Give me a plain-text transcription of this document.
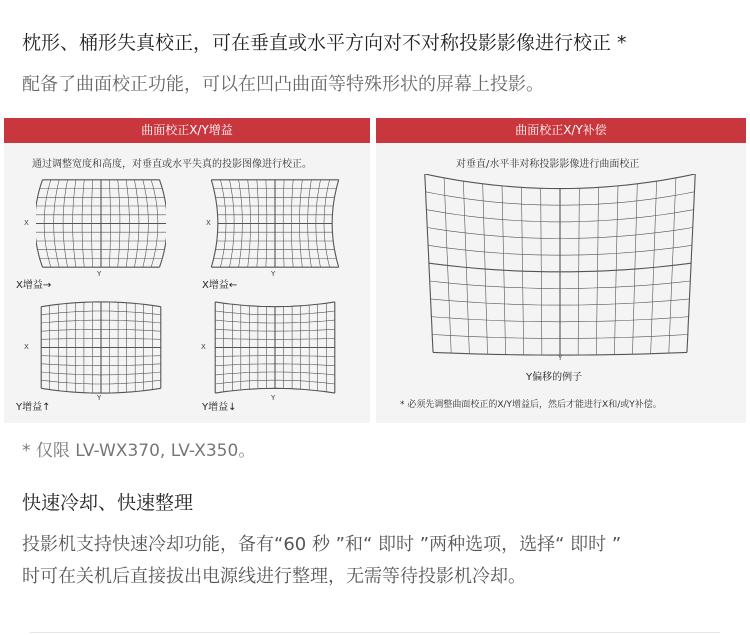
枕形、桶形失真校正，可在垂直或水平方向对不对称投影影像进行校正 *
配备了曲面校正功能，可以在凹凸曲面等特殊形状的屏幕上投影。
曲面校正X/Y增益
通过调整宽度和高度，对垂直或水平失真的投影图像进行校正。
X
Y
X增益→
X
Y
X增益←
X
Y
Y增益↑
X
Y
Y增益↓
曲面校正X/Y补偿
对垂直/水平非对称投影影像进行曲面校正
Y
Y偏移的例子
* 必须先调整曲面校正的X/Y增益后，然后才能进行X和/或Y补偿。
* 仅限 LV-WX370, LV-X350。
快速冷却、快速整理
投影机支持快速冷却功能，备有“60 秒 ”和“ 即时 ”两种选项，选择“ 即时 ”
时可在关机后直接拔出电源线进行整理，无需等待投影机冷却。
